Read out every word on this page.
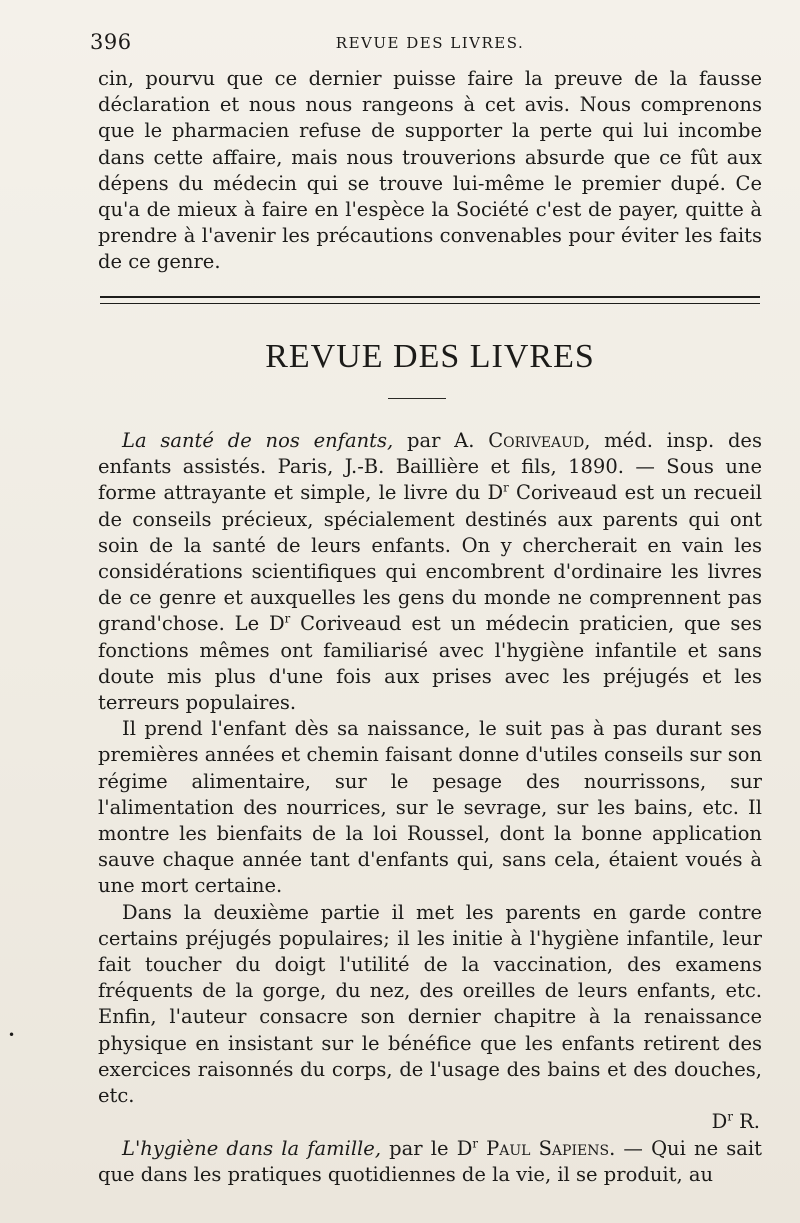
396	REVUE DES LIVRES.

cin, pourvu que ce dernier puisse faire la preuve de la fausse déclaration et nous nous rangeons à cet avis. Nous comprenons que le pharmacien refuse de supporter la perte qui lui incombe dans cette affaire, mais nous trouverions absurde que ce fût aux dépens du médecin qui se trouve lui-même le premier dupé. Ce qu'a de mieux à faire en l'espèce la Société c'est de payer, quitte à prendre à l'avenir les précautions convenables pour éviter les faits de ce genre.

REVUE DES LIVRES

La santé de nos enfants, par A. Coriveaud, méd. insp. des enfants assistés. Paris, J.-B. Baillière et fils, 1890. — Sous une forme attrayante et simple, le livre du $D^r$ Coriveaud est un recueil de conseils précieux, spécialement destinés aux parents qui ont soin de la santé de leurs enfants. On y chercherait en vain les considérations scientifiques qui encombrent d'ordinaire les livres de ce genre et auxquelles les gens du monde ne comprennent pas grand'chose. Le $D^r$ Coriveaud est un médecin praticien, que ses fonctions mêmes ont familiarisé avec l'hygiène infantile et sans doute mis plus d'une fois aux prises avec les préjugés et les terreurs populaires.

Il prend l'enfant dès sa naissance, le suit pas à pas durant ses premières années et chemin faisant donne d'utiles conseils sur son régime alimentaire, sur le pesage des nourrissons, sur l'alimentation des nourrices, sur le sevrage, sur les bains, etc. Il montre les bienfaits de la loi Roussel, dont la bonne application sauve chaque année tant d'enfants qui, sans cela, étaient voués à une mort certaine.

Dans la deuxième partie il met les parents en garde contre certains préjugés populaires; il les initie à l'hygiène infantile, leur fait toucher du doigt l'utilité de la vaccination, des examens fréquents de la gorge, du nez, des oreilles de leurs enfants, etc. Enfin, l'auteur consacre son dernier chapitre à la renaissance physique en insistant sur le bénéfice que les enfants retirent des exercices raisonnés du corps, de l'usage des bains et des douches, etc.

$D^r$ R.

L'hygiène dans la famille, par le $D^r$ Paul Sapiens. — Qui ne sait que dans les pratiques quotidiennes de la vie, il se produit, au

•
